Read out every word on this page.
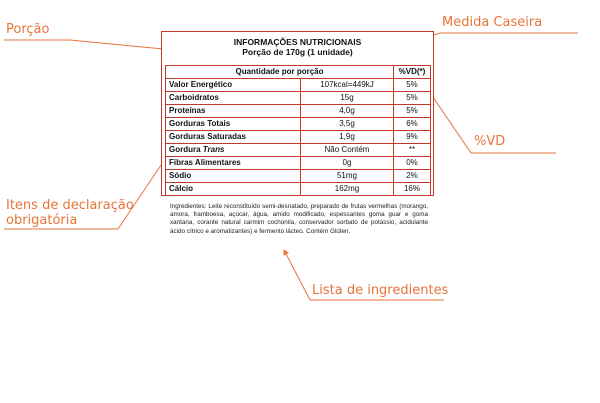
Porção	Medida Caseira
%VD
Itens de declaração
obrigatória
Lista de ingredientes
INFORMAÇÕES NUTRICIONAIS
Porção de 170g (1 unidade)
Quantidade por porção		%VD(*)
Valor Energético	107kcal=449kJ	5%
Carboidratos	15g	5%
Proteínas	4,0g	5%
Gorduras Totais	3,5g	6%
Gorduras Saturadas	1,9g	9%
Gordura Trans	Não Contém	**
Fibras Alimentares	0g	0%
Sódio	51mg	2%
Cálcio	162mg	16%
Ingredientes: Leite reconstituído semi-desnatado, preparado de frutas vermelhas (morango, amora, framboesa, açúcar, água, amido modificado, espessantes goma guar e goma xantana, corante natural carmim cochonila, conservador sorbato de potássio, acidulante ácido cítrico e aromatizantes) e fermento lácteo. Contém Glúten.
